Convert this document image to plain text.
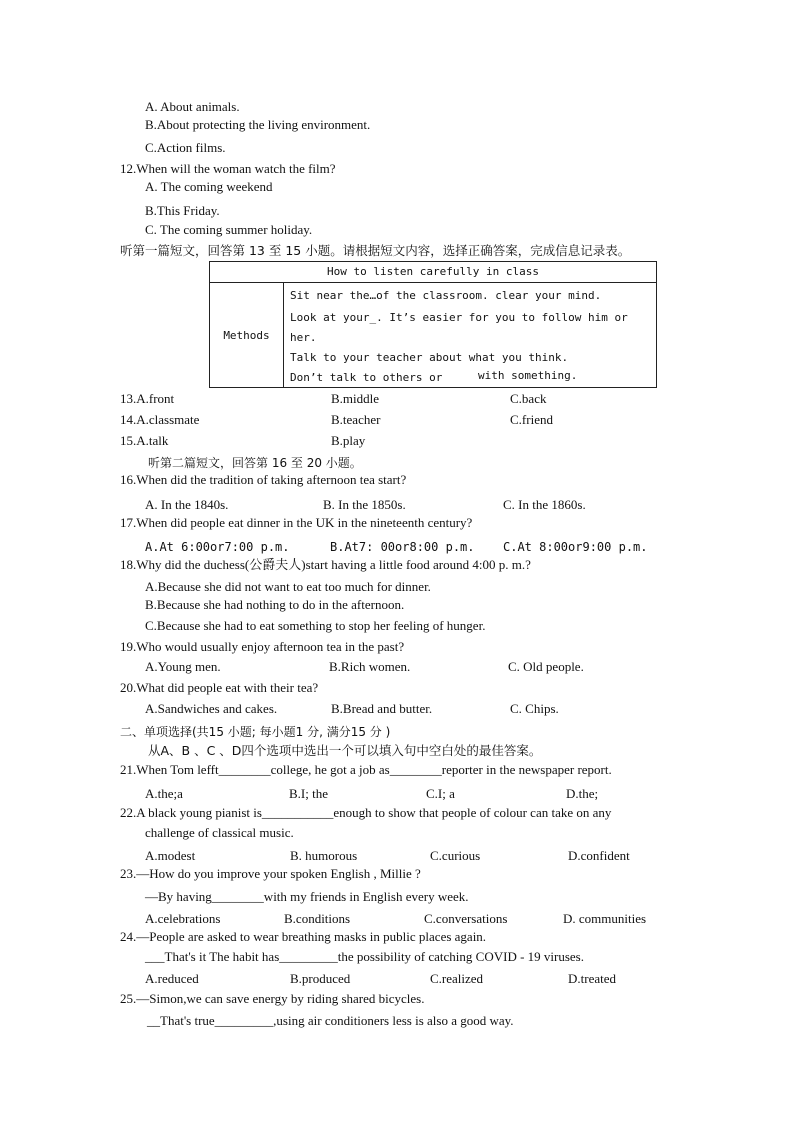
A. About animals.
B.About protecting the living environment.
C.Action films.
12.When will the woman watch the film?
A. The coming weekend
B.This Friday.
C. The coming summer holiday.
听第一篇短文，回答第 13 至 15 小题。请根据短文内容，选择正确答案，完成信息记录表。
How to listen carefully in class
Methods	
Sit near the…of the classroom. clear your mind.
Look at your_. It’s easier for you to follow him or
her.
Talk to your teacher about what you think.
Don’t talk to others or	with something.
13.A.front	B.middle	C.back
14.A.classmate	B.teacher	C.friend
15.A.talk	B.play
听第二篇短文，回答第 16 至 20 小题。
16.When did the tradition of taking afternoon tea start?
A. In the 1840s.	B. In the 1850s.	C. In the 1860s.
17.When did people eat dinner in the UK in the nineteenth century?
A.At 6:00or7:00 p.m.	B.At7: 00or8:00 p.m. C.At 8:00or9:00 p.m.
18.Why did the duchess(公爵夫人)start having a little food around 4:00 p. m.?
A.Because she did not want to eat too much for dinner.
B.Because she had nothing to do in the afternoon.
C.Because she had to eat something to stop her feeling of hunger.
19.Who would usually enjoy afternoon tea in the past?
A.Young men.	B.Rich women.	C. Old people.
20.What did people eat with their tea?
A.Sandwiches and cakes.	B.Bread and butter.	C. Chips.
二、单项选择(共15 小题; 每小题1 分, 满分15 分 )
从A、B 、C 、D四个选项中选出一个可以填入句中空白处的最佳答案。
21.When Tom lefft________college, he got a job as________reporter in the newspaper report.
A.the;a	B.I; the	C.I; a	D.the;
22.A black young pianist is___________enough to show that people of colour can take on any
challenge of classical music.
A.modest	B. humorous	C.curious	D.confident
23.—How do you improve your spoken English , Millie ?
—By having________with my friends in English every week.
A.celebrations	B.conditions	C.conversations	D. communities
24.—People are asked to wear breathing masks in public places again.
___That's it The habit has_________the possibility of catching COVID - 19 viruses.
A.reduced	B.produced	C.realized	D.treated
25.—Simon,we can save energy by riding shared bicycles.
__That's true_________,using air conditioners less is also a good way.
